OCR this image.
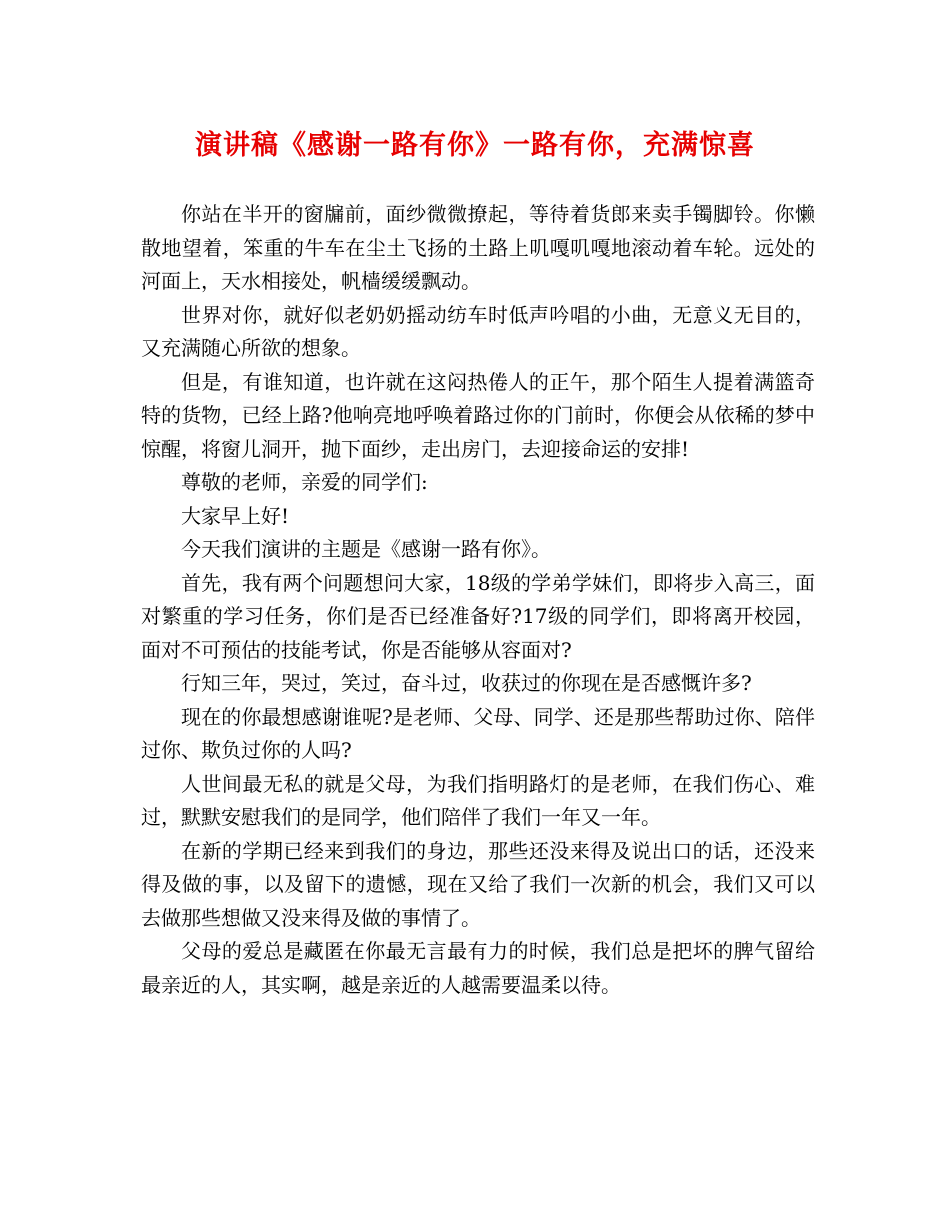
演讲稿《感谢一路有你》一路有你，充满惊喜

你站在半开的窗牖前，面纱微微撩起，等待着货郎来卖手镯脚铃。你懒散地望着，笨重的牛车在尘土飞扬的土路上叽嘎叽嘎地滚动着车轮。远处的河面上，天水相接处，帆樯缓缓飘动。

世界对你，就好似老奶奶摇动纺车时低声吟唱的小曲，无意义无目的，又充满随心所欲的想象。

但是，有谁知道，也许就在这闷热倦人的正午，那个陌生人提着满篮奇特的货物，已经上路?他响亮地呼唤着路过你的门前时，你便会从依稀的梦中惊醒，将窗儿洞开，抛下面纱，走出房门，去迎接命运的安排!

尊敬的老师，亲爱的同学们:

大家早上好!

今天我们演讲的主题是《感谢一路有你》。

首先，我有两个问题想问大家，18级的学弟学妹们，即将步入高三，面对繁重的学习任务，你们是否已经准备好?17级的同学们，即将离开校园，面对不可预估的技能考试，你是否能够从容面对?

行知三年，哭过，笑过，奋斗过，收获过的你现在是否感慨许多?

现在的你最想感谢谁呢?是老师、父母、同学、还是那些帮助过你、陪伴过你、欺负过你的人吗?

人世间最无私的就是父母，为我们指明路灯的是老师，在我们伤心、难过，默默安慰我们的是同学，他们陪伴了我们一年又一年。

在新的学期已经来到我们的身边，那些还没来得及说出口的话，还没来得及做的事，以及留下的遗憾，现在又给了我们一次新的机会，我们又可以去做那些想做又没来得及做的事情了。

父母的爱总是藏匿在你最无言最有力的时候，我们总是把坏的脾气留给最亲近的人，其实啊，越是亲近的人越需要温柔以待。
